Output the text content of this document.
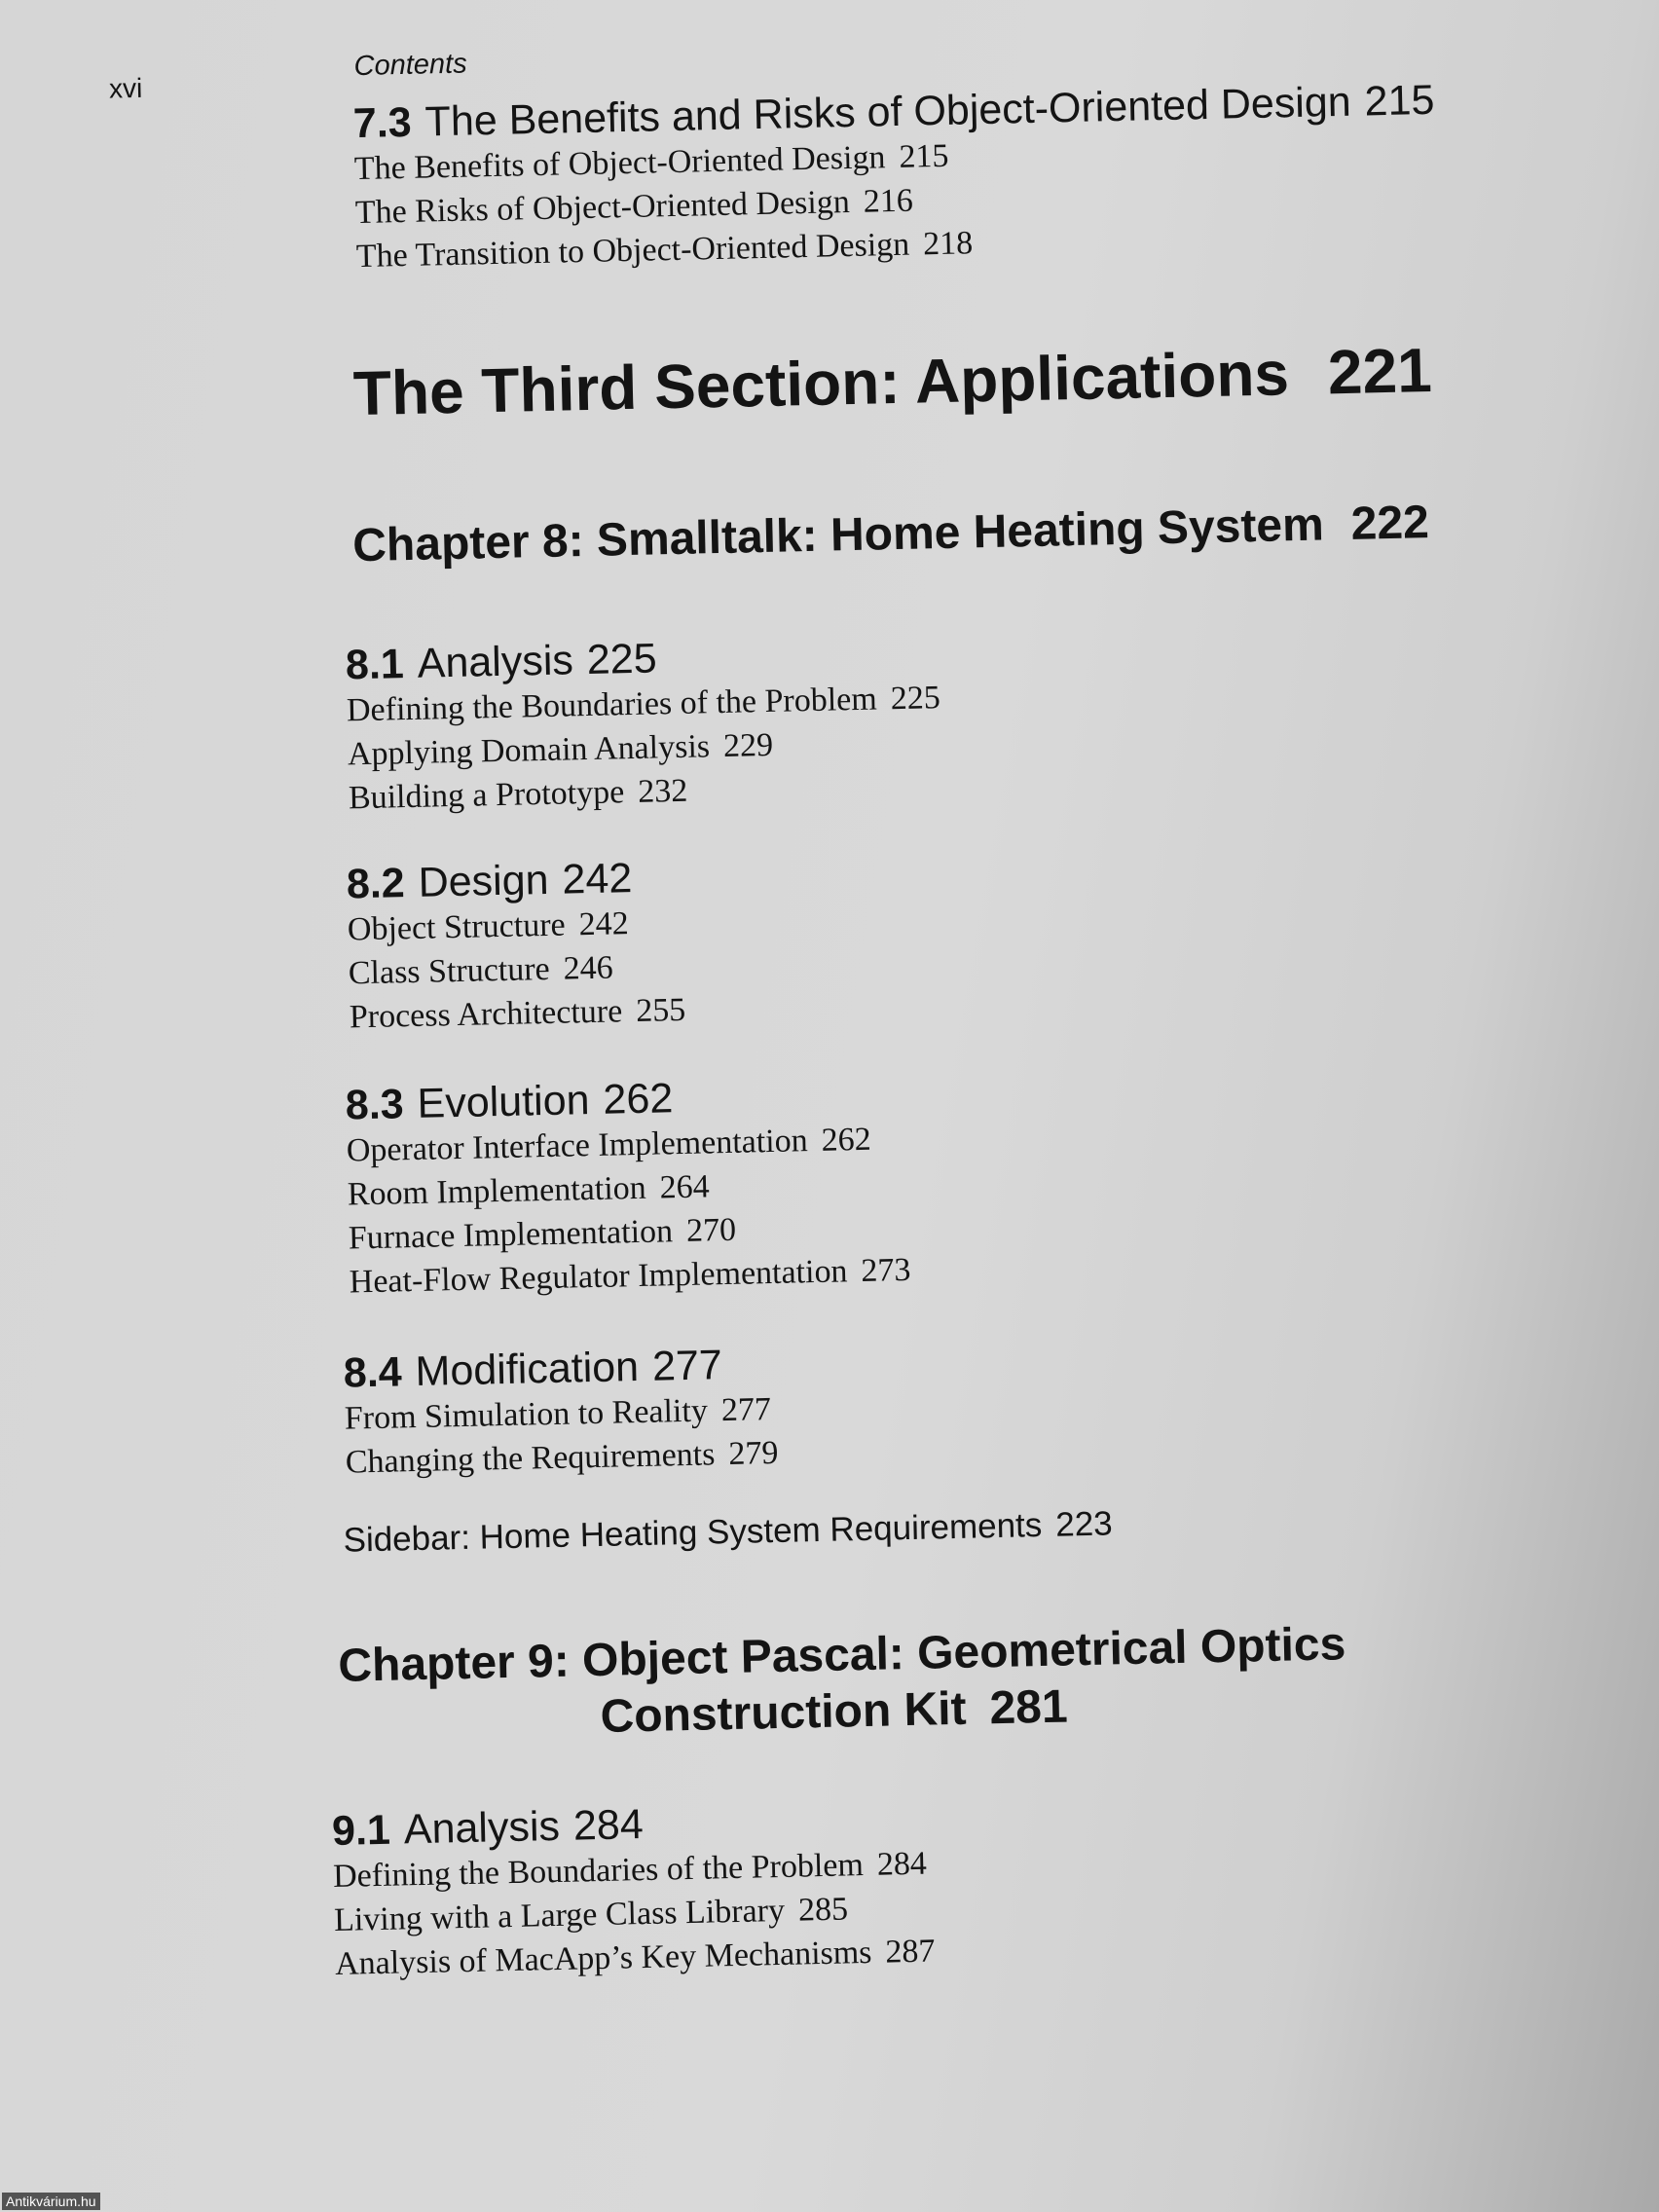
xvi

Contents

7.3 The Benefits and Risks of Object-Oriented Design 215

The Benefits of Object-Oriented Design 215

The Risks of Object-Oriented Design 216

The Transition to Object-Oriented Design 218

The Third Section: Applications 221

Chapter 8: Smalltalk: Home Heating System 222

8.1 Analysis 225

Defining the Boundaries of the Problem 225

Applying Domain Analysis 229

Building a Prototype 232

8.2 Design 242

Object Structure 242

Class Structure 246

Process Architecture 255

8.3 Evolution 262

Operator Interface Implementation 262

Room Implementation 264

Furnace Implementation 270

Heat-Flow Regulator Implementation 273

8.4 Modification 277

From Simulation to Reality 277

Changing the Requirements 279

Sidebar: Home Heating System Requirements 223

Chapter 9: Object Pascal: Geometrical Optics
Construction Kit 281

9.1 Analysis 284

Defining the Boundaries of the Problem 284

Living with a Large Class Library 285

Analysis of MacApp’s Key Mechanisms 287

Antikvárium.hu
